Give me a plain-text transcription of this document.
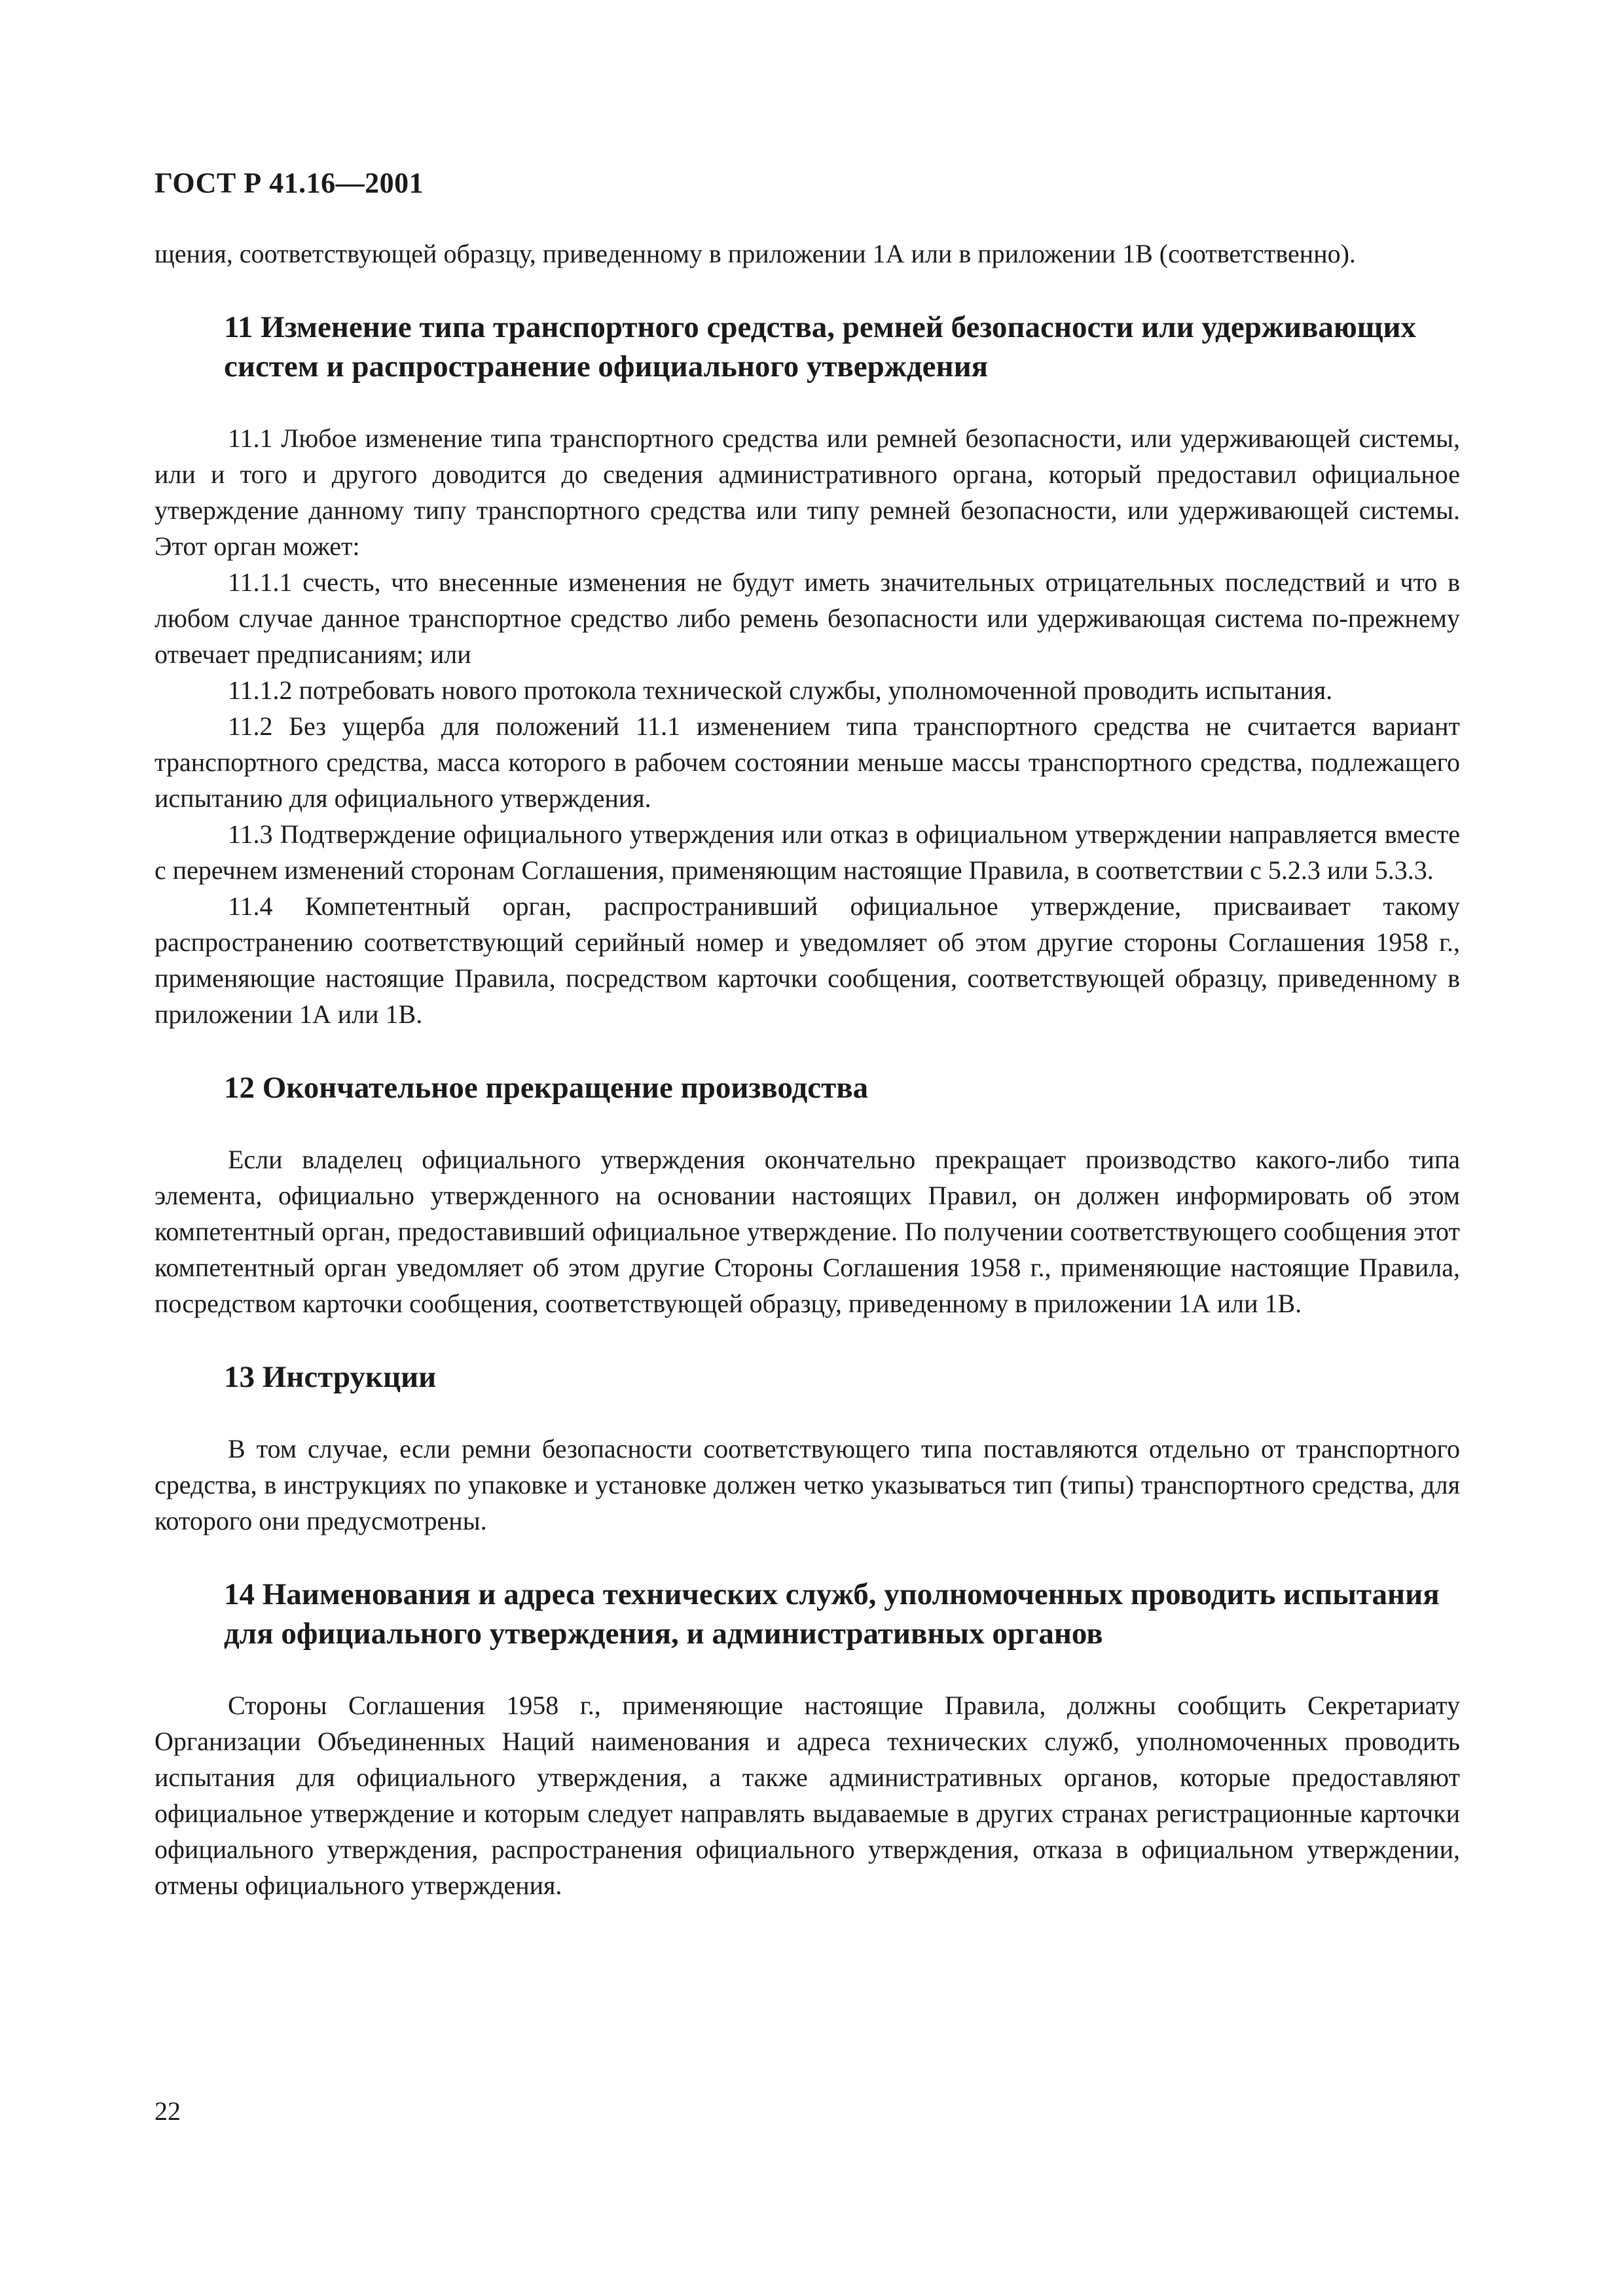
ГОСТ Р 41.16—2001

щения, соответствующей образцу, приведенному в приложении 1А или в приложении 1В (соответственно).

11 Изменение типа транспортного средства, ремней безопасности или удерживающих систем и распространение официального утверждения

11.1 Любое изменение типа транспортного средства или ремней безопасности, или удерживающей системы, или и того и другого доводится до сведения административного органа, который предоставил официальное утверждение данному типу транспортного средства или типу ремней безопасности, или удерживающей системы. Этот орган может:

11.1.1 счесть, что внесенные изменения не будут иметь значительных отрицательных последствий и что в любом случае данное транспортное средство либо ремень безопасности или удерживающая система по-прежнему отвечает предписаниям; или

11.1.2 потребовать нового протокола технической службы, уполномоченной проводить испытания.

11.2 Без ущерба для положений 11.1 изменением типа транспортного средства не считается вариант транспортного средства, масса которого в рабочем состоянии меньше массы транспортного средства, подлежащего испытанию для официального утверждения.

11.3 Подтверждение официального утверждения или отказ в официальном утверждении направляется вместе с перечнем изменений сторонам Соглашения, применяющим настоящие Правила, в соответствии с 5.2.3 или 5.3.3.

11.4 Компетентный орган, распространивший официальное утверждение, присваивает такому распространению соответствующий серийный номер и уведомляет об этом другие стороны Соглашения 1958 г., применяющие настоящие Правила, посредством карточки сообщения, соответствующей образцу, приведенному в приложении 1А или 1В.

12 Окончательное прекращение производства

Если владелец официального утверждения окончательно прекращает производство какого-либо типа элемента, официально утвержденного на основании настоящих Правил, он должен информировать об этом компетентный орган, предоставивший официальное утверждение. По получении соответствующего сообщения этот компетентный орган уведомляет об этом другие Стороны Соглашения 1958 г., применяющие настоящие Правила, посредством карточки сообщения, соответствующей образцу, приведенному в приложении 1А или 1В.

13 Инструкции

В том случае, если ремни безопасности соответствующего типа поставляются отдельно от транспортного средства, в инструкциях по упаковке и установке должен четко указываться тип (типы) транспортного средства, для которого они предусмотрены.

14 Наименования и адреса технических служб, уполномоченных проводить испытания для официального утверждения, и административных органов

Стороны Соглашения 1958 г., применяющие настоящие Правила, должны сообщить Секретариату Организации Объединенных Наций наименования и адреса технических служб, уполномоченных проводить испытания для официального утверждения, а также административных органов, которые предоставляют официальное утверждение и которым следует направлять выдаваемые в других странах регистрационные карточки официального утверждения, распространения официального утверждения, отказа в официальном утверждении, отмены официального утверждения.

22
